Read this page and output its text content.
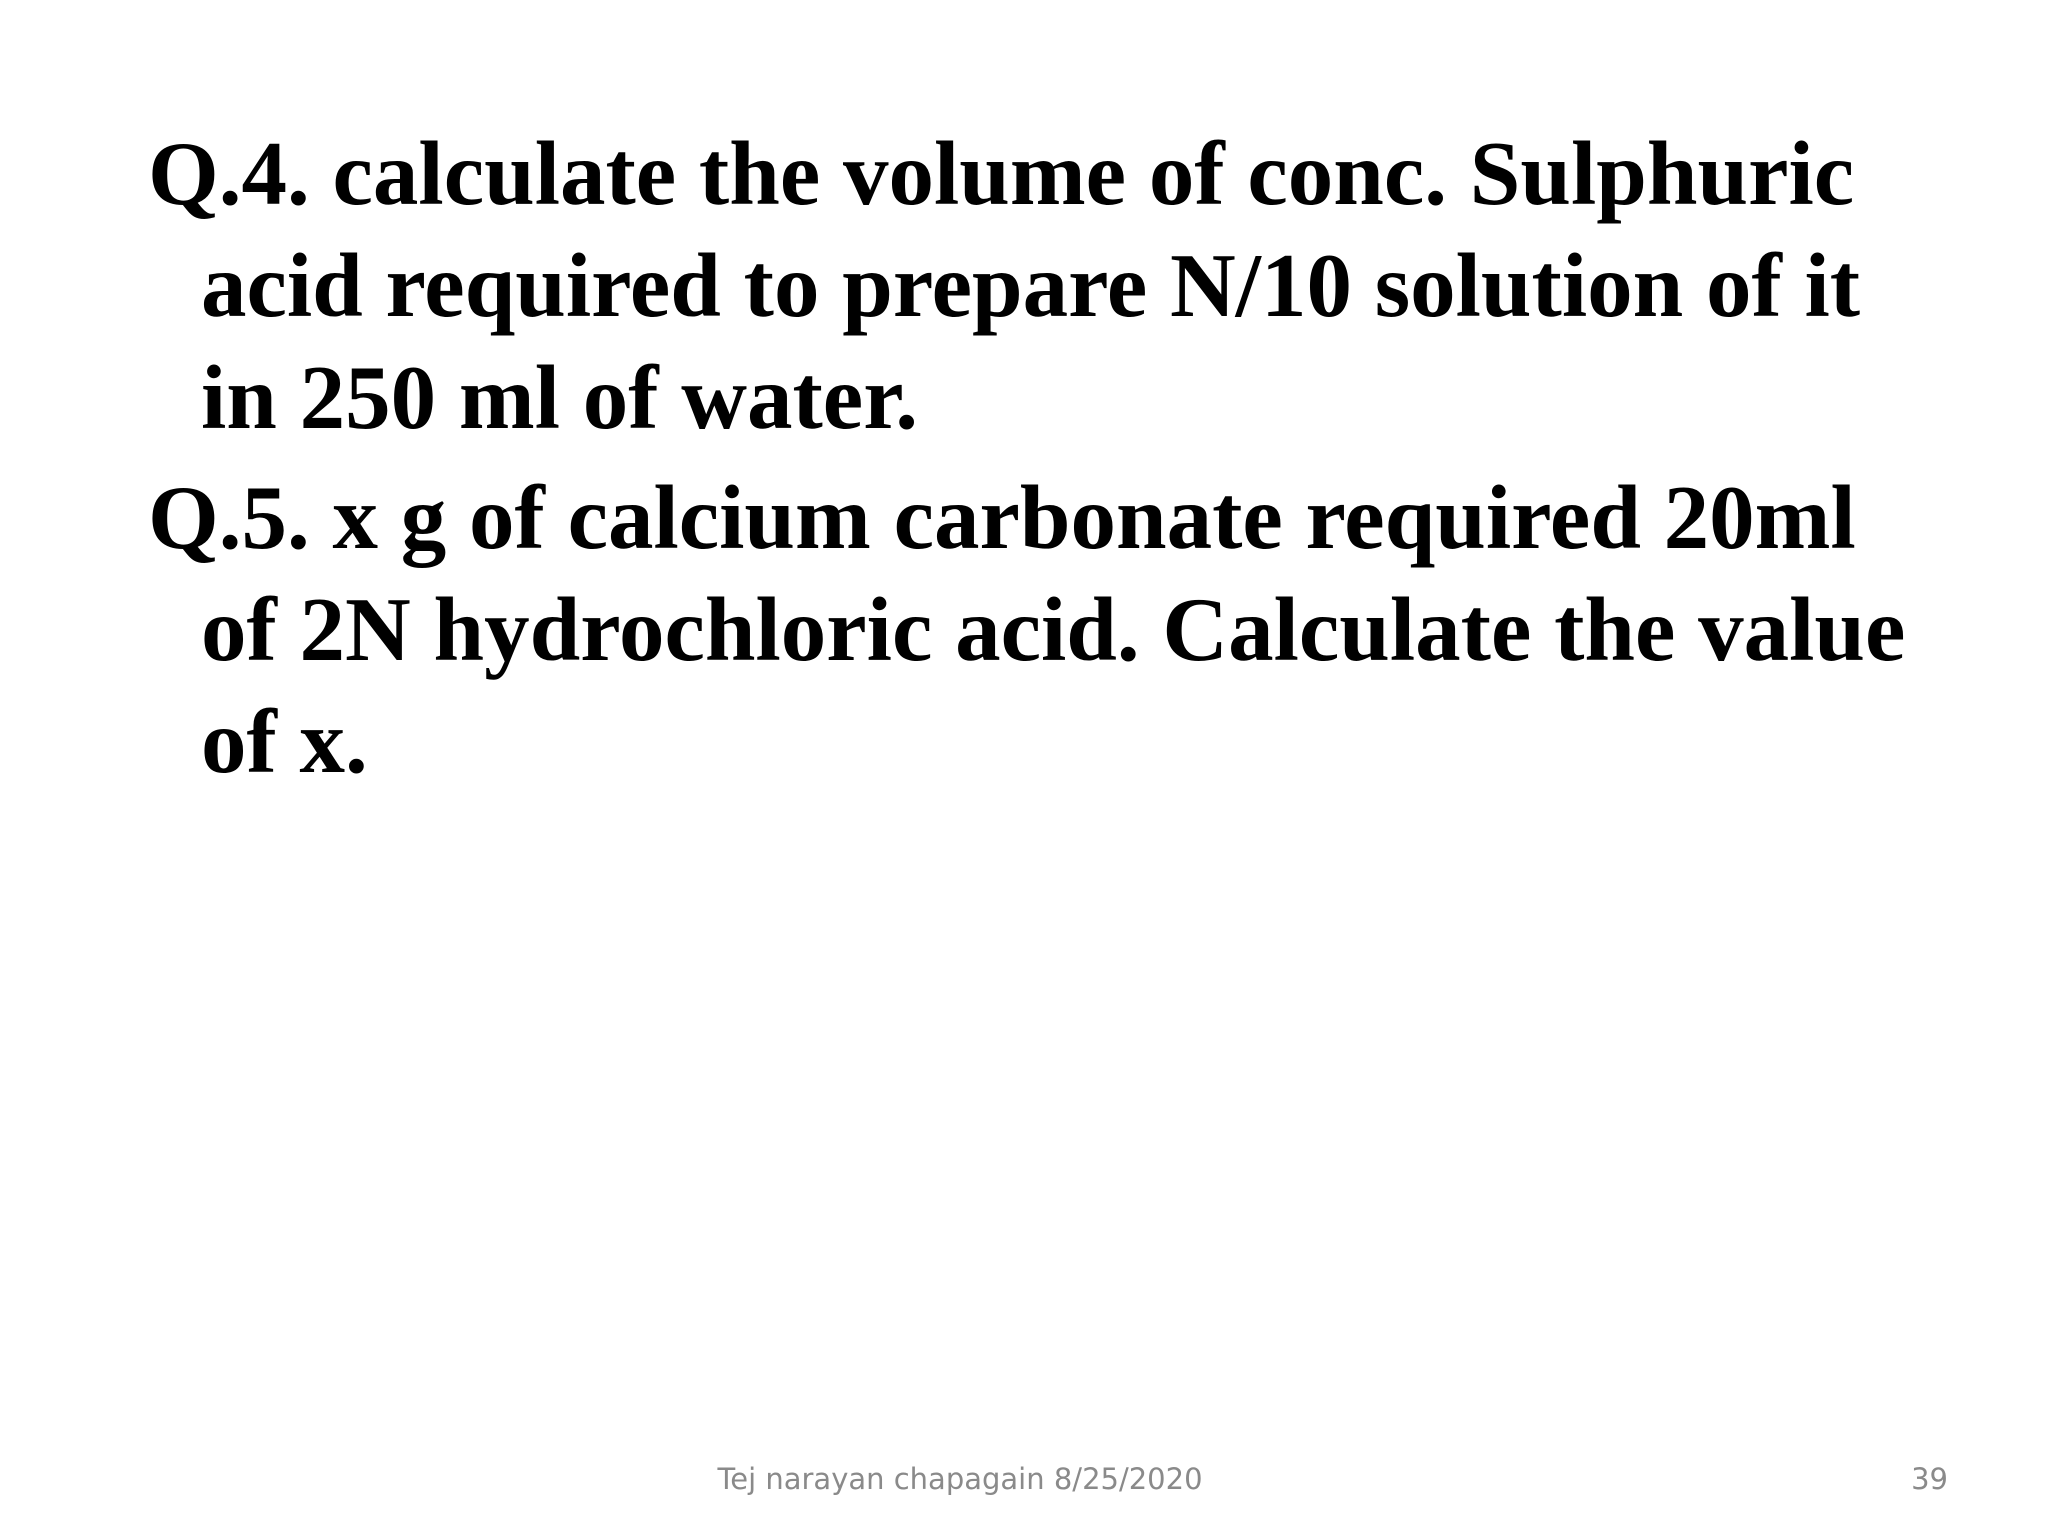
Q.4. calculate the volume of conc. Sulphuric acid required to prepare N/10 solution of it in 250 ml of water.

Q.5. x g of calcium carbonate required 20ml of 2N hydrochloric acid. Calculate the value of x.

Tej narayan chapagain 8/25/2020	39
